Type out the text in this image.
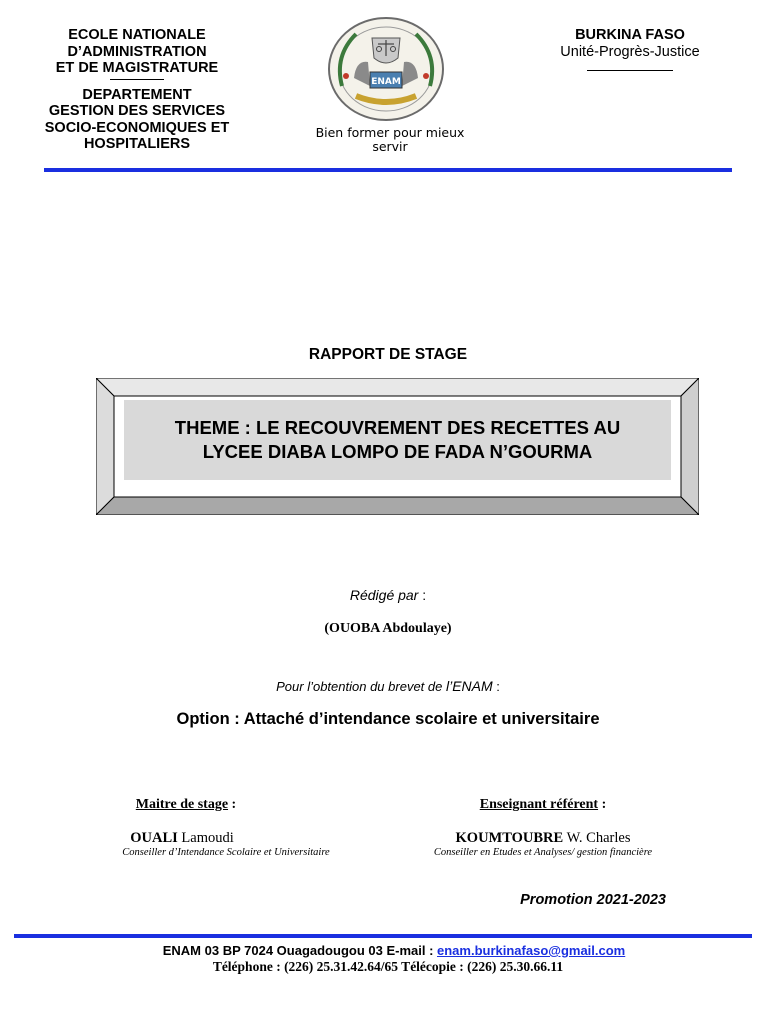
ECOLE NATIONALE
D’ADMINISTRATION
ET DE MAGISTRATURE
DEPARTEMENT
GESTION DES SERVICES
SOCIO-ECONOMIQUES ET
HOSPITALIERS
ENAM
Bien former pour mieux servir
BURKINA FASO
Unité-Progrès-Justice
RAPPORT DE STAGE
THEME : LE RECOUVREMENT DES RECETTES AU
LYCEE DIABA LOMPO DE FADA N’GOURMA
Rédigé par :
(OUOBA Abdoulaye)
Pour l’obtention du brevet de l’ENAM :
Option : Attaché d’intendance scolaire et universitaire
Maitre de stage :
OUALI Lamoudi
Conseiller d’Intendance Scolaire et Universitaire
Enseignant référent :
KOUMTOUBRE W. Charles
Conseiller en Etudes et Analyses/ gestion financière
Promotion 2021-2023
ENAM 03 BP 7024 Ouagadougou 03 E-mail : enam.burkinafaso@gmail.com
Téléphone : (226) 25.31.42.64/65 Télécopie : (226) 25.30.66.11
